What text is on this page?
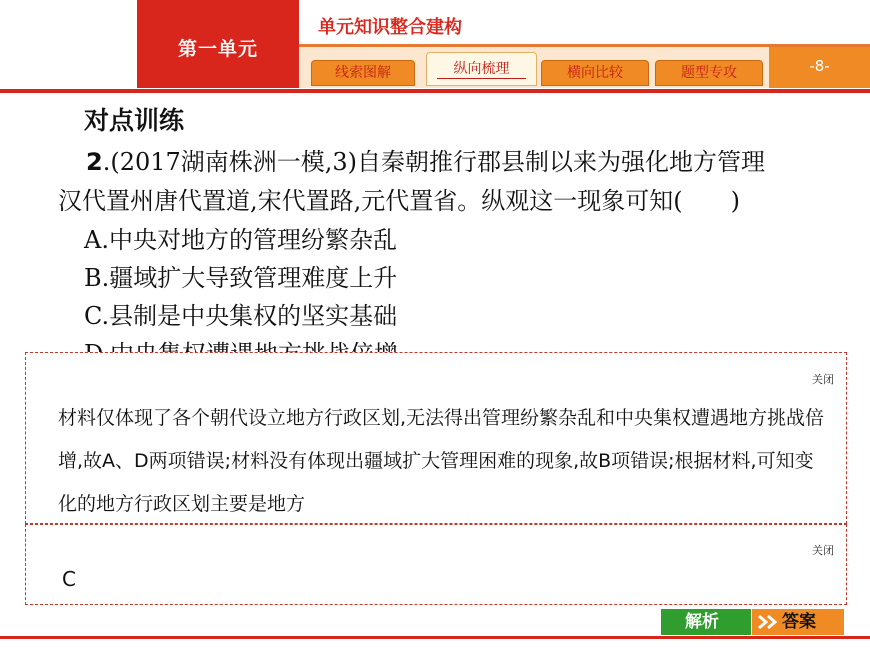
第一单元
单元知识整合建构
线索图解	纵向梳理	横向比较	题型专攻	-8-
对点训练
2.(2017湖南株洲一模,3)自秦朝推行郡县制以来为强化地方管理
汉代置州唐代置道,宋代置路,元代置省。纵观这一现象可知(　　)
A.中央对地方的管理纷繁杂乱
B.疆域扩大导致管理难度上升
C.县制是中央集权的坚实基础
关闭
材料仅体现了各个朝代设立地方行政区划,无法得出管理纷繁杂乱和中央集权遭遇地方挑战倍增,故A、D两项错误;材料没有体现出疆域扩大管理困难的现象,故B项错误;根据材料,可知变化的地方行政区划主要是地方
关闭
C
解析	答案
